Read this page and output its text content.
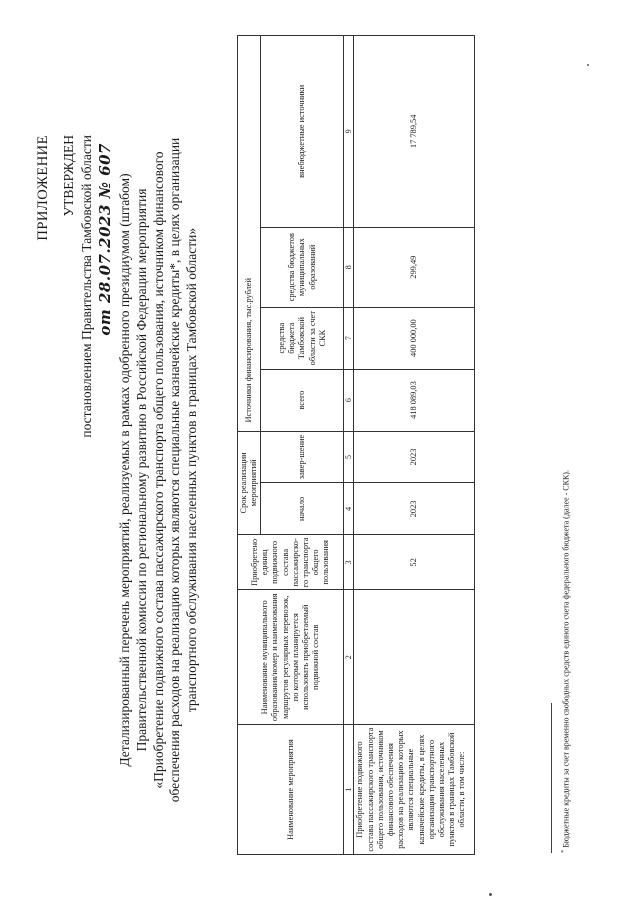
ПРИЛОЖЕНИЕ УТВЕРЖДЕН постановлением Правительства Тамбовской области от 28.07.2023 № 607 Детализированный перечень мероприятий, реализуемых в рамках одобренного президиумом (штабом) Правительственной комиссии по региональному развитию в Российской Федерации мероприятия «Приобретение подвижного состава пассажирского транспорта общего пользования, источником финансового обеспечения расходов на реализацию которых являются специальные казначейские кредиты*, в целях организации транспортного обслуживания населенных пунктов в границах Тамбовской области»
Наименование мероприятия	Наименование муниципального образования/номер и наименования маршрутов регулярных перевозок, по которым планируется использовать приобретаемый подвижной состав	Приобретено единиц подвижного состава пассажирско-го транспорта общего пользования	Срок реализации мероприятий		Источники финансирования, тыс.рублей			
			начало	завер-шение	всего	средства бюджета Тамбовской области за счет СКК	средства бюджетов муниципальных образований	внебюджетные источники
1	2	3	4	5	6	7	8	9
Приобретение подвижного состава пассажирского транспорта общего пользования, источником финансового обеспечения расходов на реализацию которых являются специальные казначейские кредиты, в целях организации транспортного обслуживания населенных пунктов в границах Тамбовской области, в том числе:		52	2023	2023	418 089,03	400 000,00	299,49	17 789,54
* Бюджетные кредиты за счет временно свободных средств единого счета федерального бюджета (далее - СКК).
